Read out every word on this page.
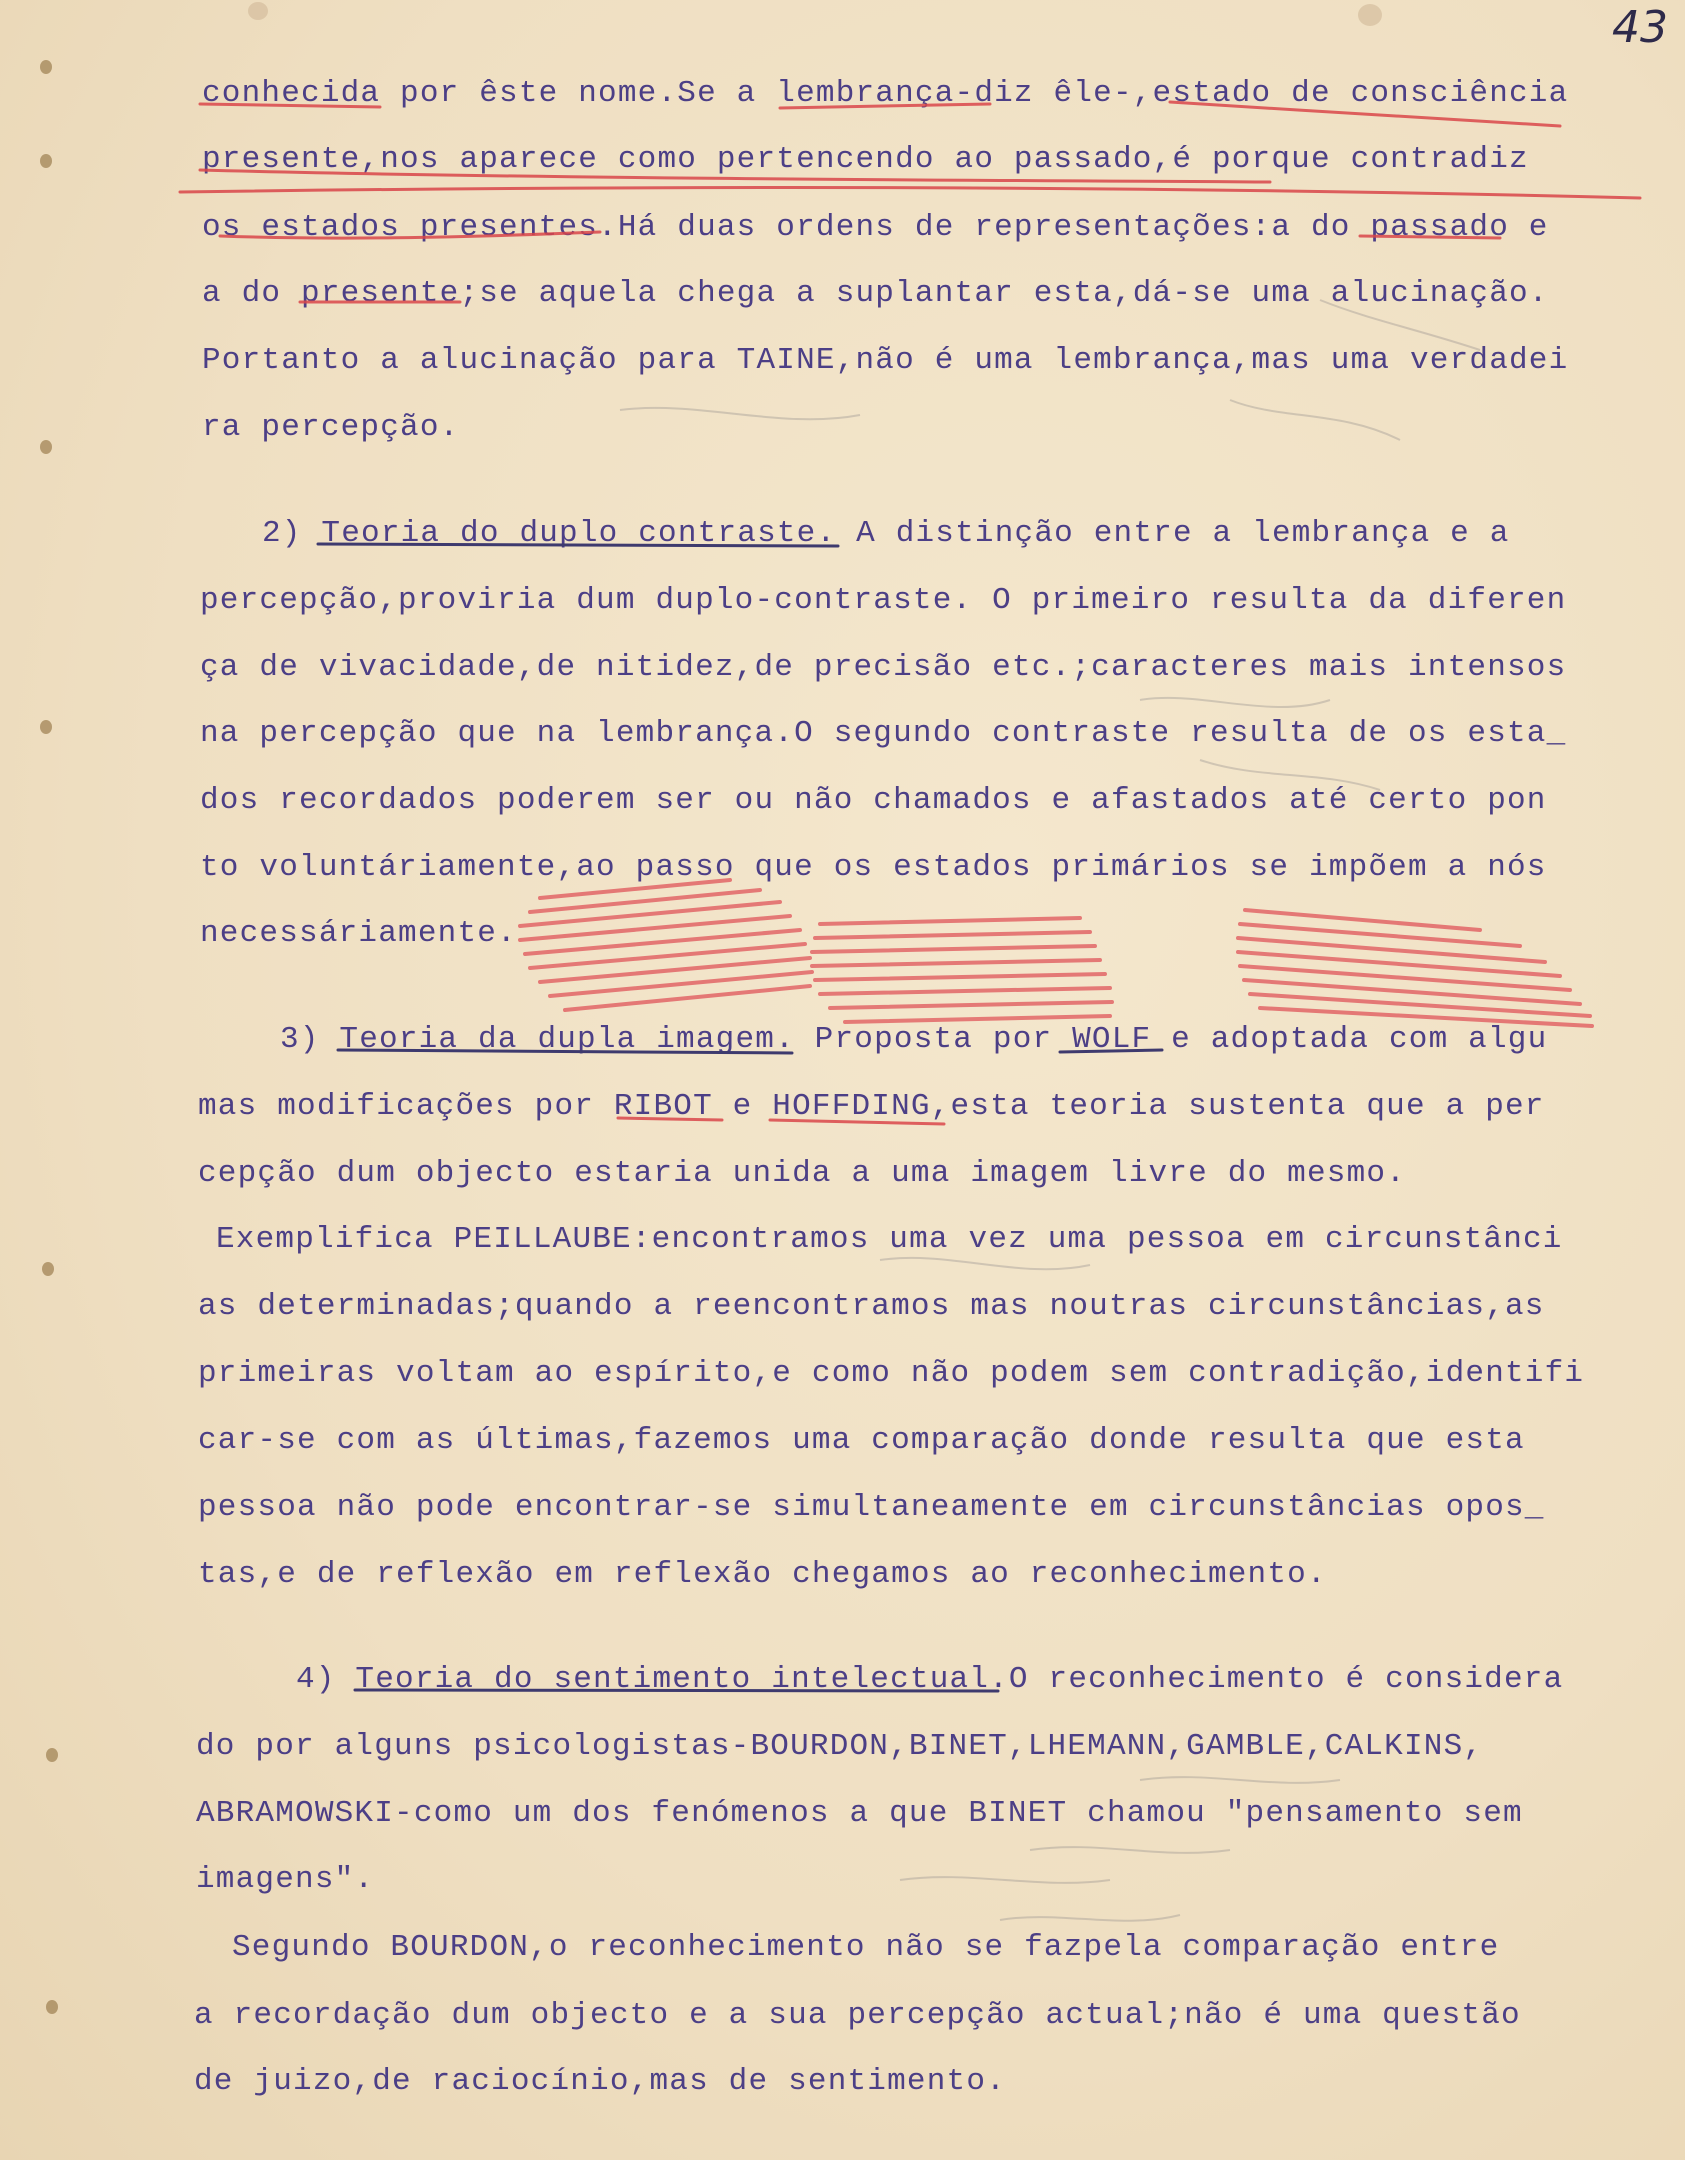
43
conhecida por êste nome.Se a lembrança-diz êle-,estado de consciência
presente,nos aparece como pertencendo ao passado,é porque contradiz
os estados presentes.Há duas ordens de representações:a do passado e
a do presente;se aquela chega a suplantar esta,dá-se uma alucinação.
Portanto a alucinação para TAINE,não é uma lembrança,mas uma verdadei
ra percepção.
2) Teoria do duplo contraste. A distinção entre a lembrança e a
percepção,proviria dum duplo-contraste. O primeiro resulta da diferen
ça de vivacidade,de nitidez,de precisão etc.;caracteres mais intensos
na percepção que na lembrança.O segundo contraste resulta de os esta_
dos recordados poderem ser ou não chamados e afastados até certo pon
to voluntáriamente,ao passo que os estados primários se impõem a nós
necessáriamente.
3) Teoria da dupla imagem. Proposta por WOLF e adoptada com algu
mas modificações por RIBOT e HOFFDING,esta teoria sustenta que a per
cepção dum objecto estaria unida a uma imagem livre do mesmo.
Exemplifica PEILLAUBE:encontramos uma vez uma pessoa em circunstânci
as determinadas;quando a reencontramos mas noutras circunstâncias,as
primeiras voltam ao espírito,e como não podem sem contradição,identifi
car-se com as últimas,fazemos uma comparação donde resulta que esta
pessoa não pode encontrar-se simultaneamente em circunstâncias opos_
tas,e de reflexão em reflexão chegamos ao reconhecimento.
4) Teoria do sentimento intelectual.O reconhecimento é considera
do por alguns psicologistas-BOURDON,BINET,LHEMANN,GAMBLE,CALKINS,
ABRAMOWSKI-como um dos fenómenos a que BINET chamou "pensamento sem
imagens".
Segundo BOURDON,o reconhecimento não se fazpela comparação entre
a recordação dum objecto e a sua percepção actual;não é uma questão
de juizo,de raciocínio,mas de sentimento.
